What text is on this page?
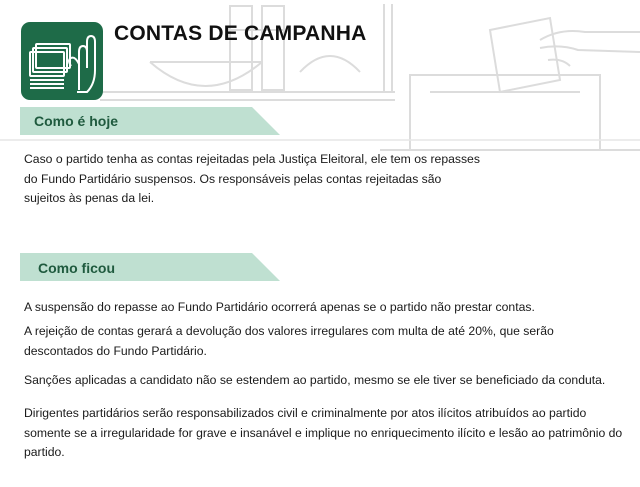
CONTAS DE CAMPANHA
Como é hoje
Caso o partido tenha as contas rejeitadas pela Justiça Eleitoral, ele tem os repasses do Fundo Partidário suspensos. Os responsáveis pelas contas rejeitadas são sujeitos às penas da lei.
Como ficou
A suspensão do repasse ao Fundo Partidário ocorrerá apenas se o partido não prestar contas.
A rejeição de contas gerará a devolução dos valores irregulares com multa de até 20%, que serão descontados do Fundo Partidário.
Sanções aplicadas a candidato não se estendem ao partido, mesmo se ele tiver se beneficiado da conduta.
Dirigentes partidários serão responsabilizados civil e criminalmente por atos ilícitos atribuídos ao partido somente se a irregularidade for grave e insanável e implique no enriquecimento ilícito e lesão ao patrimônio do partido.
